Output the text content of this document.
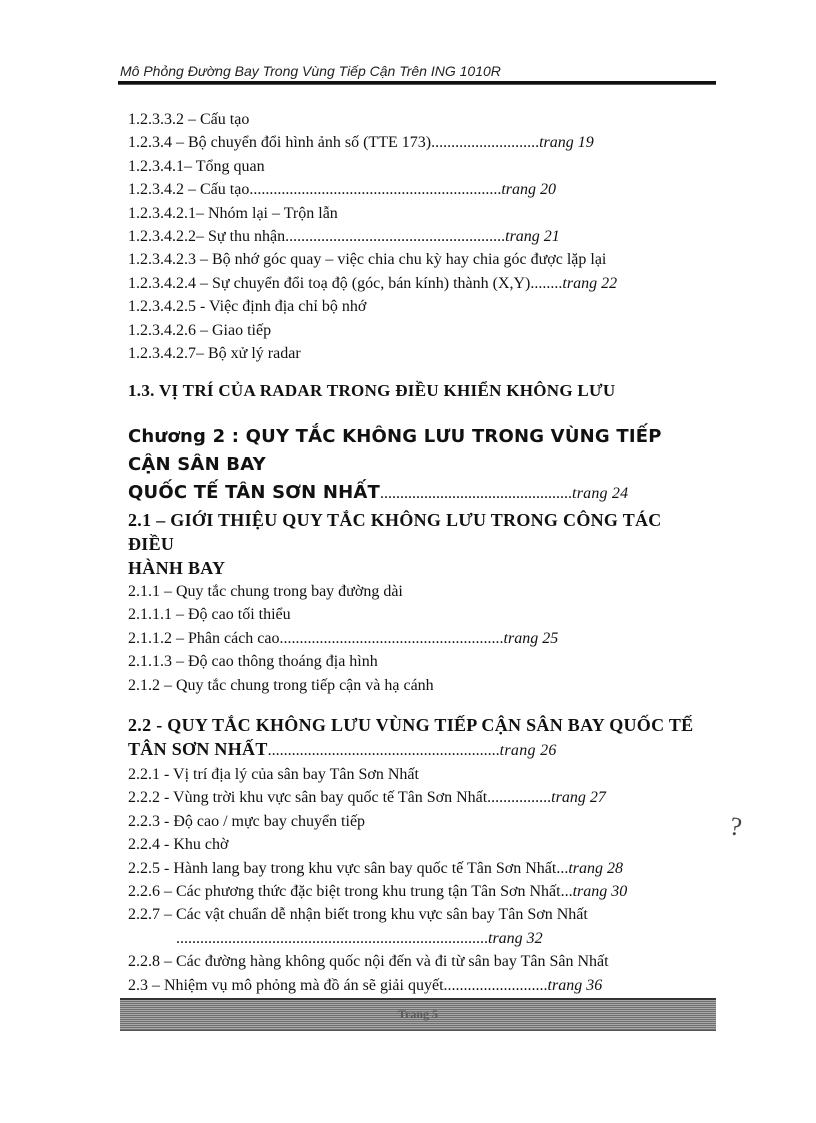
Mô Phỏng Đường Bay Trong Vùng Tiếp Cận Trên ING 1010R
1.2.3.3.2 – Cấu tạo
1.2.3.4 – Bộ chuyển đổi hình ảnh số (TTE 173)...........................trang 19
1.2.3.4.1– Tổng quan
1.2.3.4.2 – Cấu tạo...............................................................trang 20
1.2.3.4.2.1– Nhóm lại – Trộn lẫn
1.2.3.4.2.2– Sự thu nhận.......................................................trang 21
1.2.3.4.2.3 – Bộ nhớ góc quay – việc chia chu kỳ hay chia góc được lặp lại
1.2.3.4.2.4 – Sự chuyển đổi toạ độ (góc, bán kính) thành (X,Y)........trang 22
1.2.3.4.2.5 - Việc định địa chỉ bộ nhớ
1.2.3.4.2.6 – Giao tiếp
1.2.3.4.2.7– Bộ xử lý radar
1.3. VỊ TRÍ CỦA RADAR TRONG ĐIỀU KHIỂN KHÔNG LƯU
Chương 2 : QUY TẮC KHÔNG LƯU TRONG VÙNG TIẾP CẬN SÂN BAY
QUỐC TẾ TÂN SƠN NHẤT................................................trang 24
2.1 – GIỚI THIỆU QUY TẮC KHÔNG LƯU TRONG CÔNG TÁC ĐIỀU
HÀNH BAY
2.1.1 – Quy tắc chung trong bay đường dài
2.1.1.1 – Độ cao tối thiểu
2.1.1.2 – Phân cách cao........................................................trang 25
2.1.1.3 – Độ cao thông thoáng địa hình
2.1.2 – Quy tắc chung trong tiếp cận và hạ cánh
2.2 - QUY TẮC KHÔNG LƯU VÙNG TIẾP CẬN SÂN BAY QUỐC TẾ
TÂN SƠN NHẤT..........................................................trang 26
2.2.1 - Vị trí địa lý của sân bay Tân Sơn Nhất
2.2.2 - Vùng trời khu vực sân bay quốc tế Tân Sơn Nhất................trang 27
2.2.3 - Độ cao / mực bay chuyển tiếp
2.2.4 - Khu chờ
2.2.5 - Hành lang bay trong khu vực sân bay quốc tế Tân Sơn Nhất...trang 28
2.2.6 – Các phương thức đặc biệt trong khu trung tận Tân Sơn Nhất...trang 30
2.2.7 – Các vật chuẩn dễ nhận biết trong khu vực sân bay Tân Sơn Nhất
..............................................................................trang 32
2.2.8 – Các đường hàng không quốc nội đến và đi từ sân bay Tân Sân Nhất
2.3 – Nhiệm vụ mô phỏng mà đồ án sẽ giải quyết..........................trang 36
?
Trang 5
